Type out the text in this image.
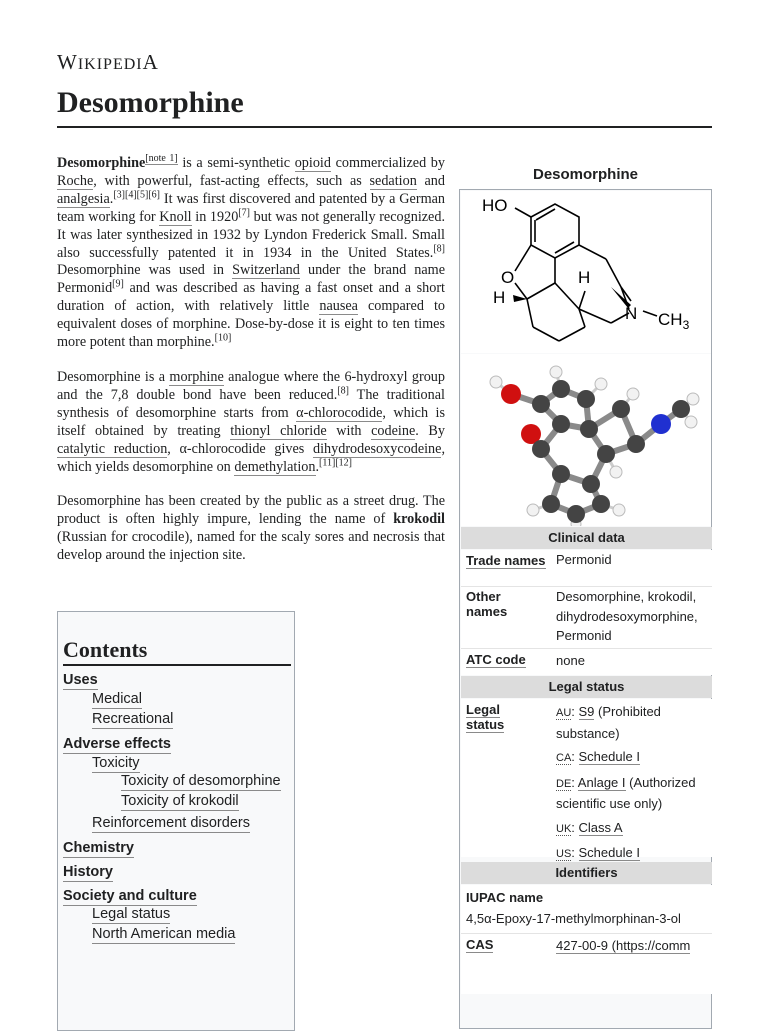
WIKIPEDIA
Desomorphine

Desomorphine[note 1] is a semi-synthetic opioid commercialized by Roche, with powerful, fast-acting effects, such as sedation and analgesia.[3][4][5][6] It was first discovered and patented by a German team working for Knoll in 1920[7] but was not generally recognized. It was later synthesized in 1932 by Lyndon Frederick Small. Small also successfully patented it in 1934 in the United States.[8] Desomorphine was used in Switzerland under the brand name Permonid[9] and was described as having a fast onset and a short duration of action, with relatively little nausea compared to equivalent doses of morphine. Dose-by-dose it is eight to ten times more potent than morphine.[10]

Desomorphine is a morphine analogue where the 6-hydroxyl group and the 7,8 double bond have been reduced.[8] The traditional synthesis of desomorphine starts from α-chlorocodide, which is itself obtained by treating thionyl chloride with codeine. By catalytic reduction, α-chlorocodide gives dihydrodesoxycodeine, which yields desomorphine on demethylation.[11][12]

Desomorphine has been created by the public as a street drug. The product is often highly impure, lending the name of krokodil (Russian for crocodile), named for the scaly sores and necrosis that develop around the injection site.

Contents
Uses
Medical
Recreational
Adverse effects
Toxicity
Toxicity of desomorphine
Toxicity of krokodil
Reinforcement disorders
Chemistry
History
Society and culture
Legal status
North American media
Desomorphine
HO
O	H
H
N $CH_3$
Clinical data
Trade names Permonid
Other names
Desomorphine, krokodil, dihydrodesoxymorphine, Permonid
ATC code none
Legal status
Legal status
AU: S9 (Prohibited substance)
CA: Schedule I
DE: Anlage I (Authorized scientific use only)
UK: Class A
US: Schedule I
Identifiers
IUPAC name
4,5α-Epoxy-17-methylmorphinan-3-ol
CAS	427-00-9 (https://comm
